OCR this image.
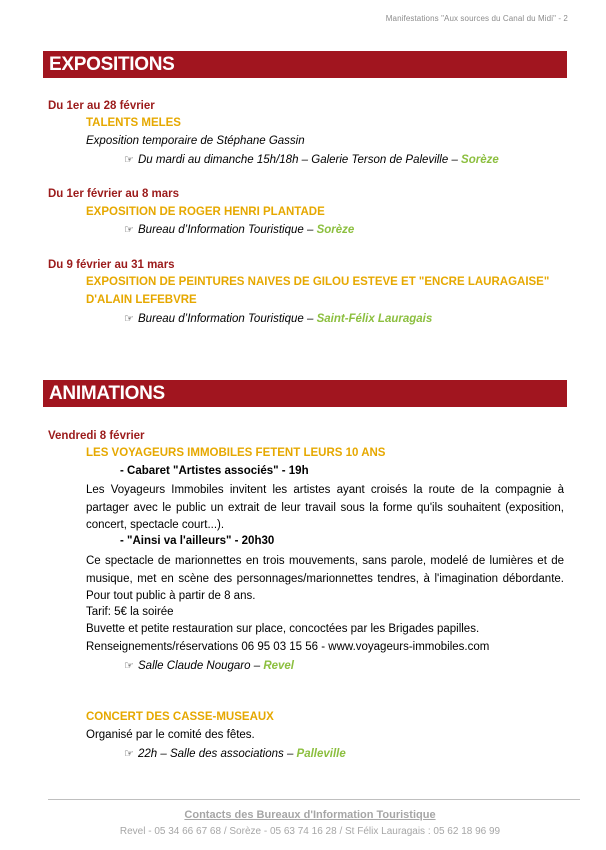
Manifestations "Aux sources du Canal du Midi" - 2
EXPOSITIONS
Du 1er au 28 février
TALENTS MELES
Exposition temporaire de Stéphane Gassin
☞ Du mardi au dimanche 15h/18h – Galerie Terson de Paleville – Sorèze
Du 1er février au 8 mars
EXPOSITION DE ROGER HENRI PLANTADE
☞ Bureau d’Information Touristique – Sorèze
Du 9 février au 31 mars
EXPOSITION DE PEINTURES NAIVES DE GILOU ESTEVE ET "ENCRE LAURAGAISE"
D'ALAIN LEFEBVRE
☞ Bureau d’Information Touristique – Saint-Félix Lauragais
ANIMATIONS
Vendredi 8 février
LES VOYAGEURS IMMOBILES FETENT LEURS 10 ANS
- Cabaret "Artistes associés" - 19h
Les Voyageurs Immobiles invitent les artistes ayant croisés la route de la compagnie à partager avec le public un extrait de leur travail sous la forme qu'ils souhaitent (exposition, concert, spectacle court...).
- "Ainsi va l'ailleurs" - 20h30
Ce spectacle de marionnettes en trois mouvements, sans parole, modelé de lumières et de musique, met en scène des personnages/marionnettes tendres, à l'imagination débordante. Pour tout public à partir de 8 ans.
Tarif: 5€ la soirée
Buvette et petite restauration sur place, concoctées par les Brigades papilles.
Renseignements/réservations 06 95 03 15 56 - www.voyageurs-immobiles.com
☞ Salle Claude Nougaro – Revel
CONCERT DES CASSE-MUSEAUX
Organisé par le comité des fêtes.
☞ 22h – Salle des associations – Palleville
Contacts des Bureaux d'Information Touristique
Revel - 05 34 66 67 68 / Sorèze - 05 63 74 16 28 / St Félix Lauragais : 05 62 18 96 99
